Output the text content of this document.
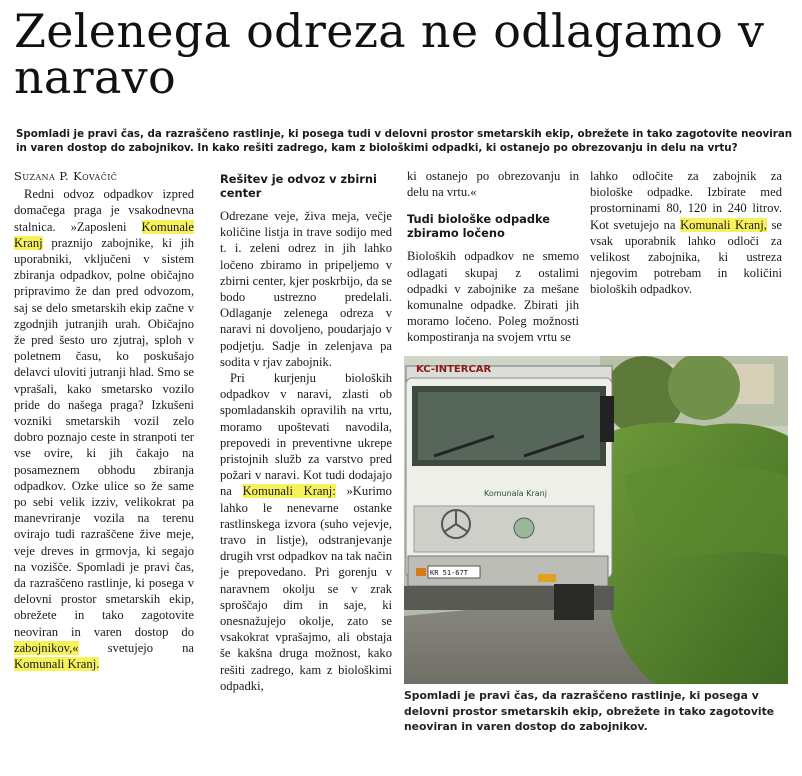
Zelenega odreza ne odlagamo v naravo
Spomladi je pravi čas, da razraščeno rastlinje, ki posega tudi v delovni prostor smetarskih ekip, obrežete in tako zagotovite neoviran in varen dostop do zabojnikov. In kako rešiti zadrego, kam z biološkimi odpadki, ki ostanejo po obrezovanju in delu na vrtu?

Suzana P. Kovačič

Redni odvoz odpadkov izpred domačega praga je vsakodnevna stalnica. »Zaposleni Komunale Kranj praznijo zabojnike, ki jih uporabniki, vključeni v sistem zbiranja odpadkov, polne običajno pripravimo že dan pred odvozom, saj se delo smetarskih ekip začne v zgodnjih jutranjih urah. Običajno že pred šesto uro zjutraj, sploh v poletnem času, ko poskušajo delavci uloviti jutranji hlad. Smo se vprašali, kako smetarsko vozilo pride do našega praga? Izkušeni vozniki smetarskih vozil zelo dobro poznajo ceste in stranpoti ter vse ovire, ki jih čakajo na posameznem obhodu zbiranja odpadkov. Ozke ulice so že same po sebi velik izziv, velikokrat pa manevriranje vozila na terenu ovirajo tudi razraščene žive meje, veje dreves in grmovja, ki segajo na vozišče. Spomladi je pravi čas, da razraščeno rastlinje, ki posega v delovni prostor smetarskih ekip, obrežete in tako zagotovite neoviran in varen dostop do zabojnikov,« svetujejo na Komunali Kranj.

Rešitev je odvoz v zbirni center

Odrezane veje, živa meja, večje količine listja in trave sodijo med t. i. zeleni odrez in jih lahko ločeno zbiramo in pripeljemo v zbirni center, kjer poskrbijo, da se bodo ustrezno predelali. Odlaganje zelenega odreza v naravi ni dovoljeno, poudarjajo v podjetju. Sadje in zelenjava pa sodita v rjav zabojnik.

Pri kurjenju bioloških odpadkov v naravi, zlasti ob spomladanskih opravilih na vrtu, moramo upoštevati navodila, prepovedi in preventivne ukrepe pristojnih služb za varstvo pred požari v naravi. Kot tudi dodajajo na Komunali Kranj: »Kurimo lahko le nenevarne ostanke rastlinskega izvora (suho vejevje, travo in listje), odstranjevanje drugih vrst odpadkov na tak način je prepovedano. Pri gorenju v naravnem okolju se v zrak sproščajo dim in saje, ki onesnažujejo okolje, zato se vsakokrat vprašajmo, ali obstaja še kakšna druga možnost, kako rešiti zadrego, kam z biološkimi odpadki,

ki ostanejo po obrezovanju in delu na vrtu.«

Tudi biološke odpadke zbiramo ločeno

Bioloških odpadkov ne smemo odlagati skupaj z ostalimi odpadki v zabojnike za mešane komunalne odpadke. Zbirati jih moramo ločeno. Poleg možnosti kompostiranja na svojem vrtu se

lahko odločite za zabojnik za biološke odpadke. Izbirate med prostorninami 80, 120 in 240 litrov. Kot svetujejo na Komunali Kranj, se vsak uporabnik lahko odloči za velikost zabojnika, ki ustreza njegovim potrebam in količini bioloških odpadkov.

KC-INTERCAR
Komunala Kranj
KR 51-67T
Spomladi je pravi čas, da razraščeno rastlinje, ki posega v delovni prostor smetarskih ekip, obrežete in tako zagotovite neoviran in varen dostop do zabojnikov.
